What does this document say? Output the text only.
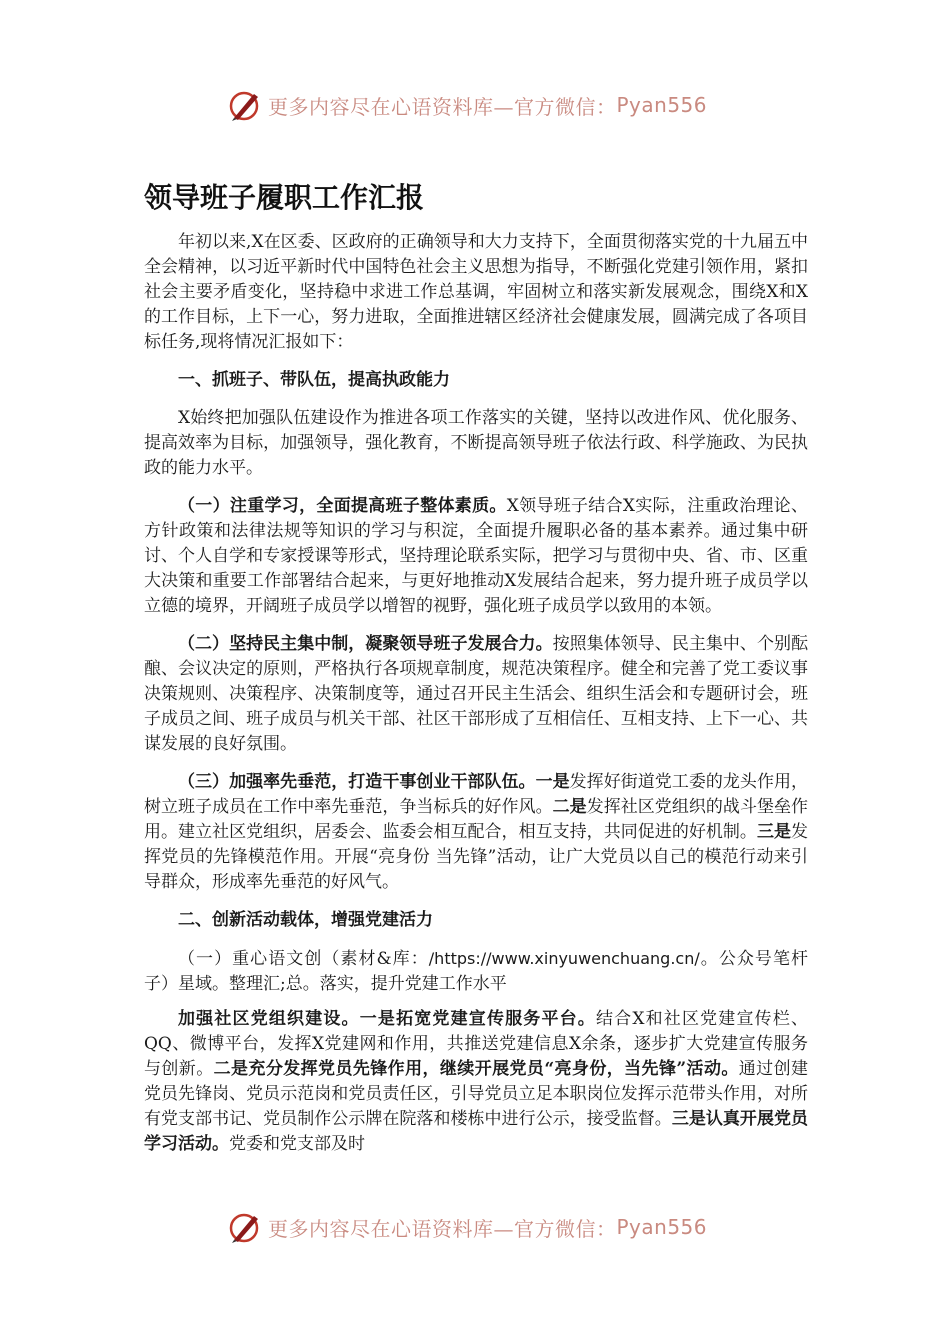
更多内容尽在心语资料库—官方微信： Pyan556
领导班子履职工作汇报

年初以来,X在区委、区政府的正确领导和大力支持下，全面贯彻落实党的十九届五中全会精神，以习近平新时代中国特色社会主义思想为指导，不断强化党建引领作用，紧扣社会主要矛盾变化，坚持稳中求进工作总基调，牢固树立和落实新发展观念，围绕X和X的工作目标，上下一心，努力进取，全面推进辖区经济社会健康发展，圆满完成了各项目标任务,现将情况汇报如下：

一、抓班子、带队伍，提高执政能力

X始终把加强队伍建设作为推进各项工作落实的关键，坚持以改进作风、优化服务、提高效率为目标，加强领导，强化教育，不断提高领导班子依法行政、科学施政、为民执政的能力水平。

（一）注重学习，全面提高班子整体素质。X领导班子结合X实际，注重政治理论、方针政策和法律法规等知识的学习与积淀，全面提升履职必备的基本素养。通过集中研讨、个人自学和专家授课等形式，坚持理论联系实际，把学习与贯彻中央、省、市、区重大决策和重要工作部署结合起来，与更好地推动X发展结合起来，努力提升班子成员学以立德的境界，开阔班子成员学以增智的视野，强化班子成员学以致用的本领。

（二）坚持民主集中制，凝聚领导班子发展合力。按照集体领导、民主集中、个别酝酿、会议决定的原则，严格执行各项规章制度，规范决策程序。健全和完善了党工委议事决策规则、决策程序、决策制度等，通过召开民主生活会、组织生活会和专题研讨会，班子成员之间、班子成员与机关干部、社区干部形成了互相信任、互相支持、上下一心、共谋发展的良好氛围。

（三）加强率先垂范，打造干事创业干部队伍。一是发挥好街道党工委的龙头作用，树立班子成员在工作中率先垂范，争当标兵的好作风。二是发挥社区党组织的战斗堡垒作用。建立社区党组织，居委会、监委会相互配合，相互支持，共同促进的好机制。三是发挥党员的先锋模范作用。开展“亮身份 当先锋”活动，让广大党员以自己的模范行动来引导群众，形成率先垂范的好风气。

二、创新活动载体，增强党建活力

（一）重心语文创（素材&库：/https://www.xinyuwenchuang.cn/。公众号笔杆子）星域。整理汇;总。落实，提升党建工作水平

加强社区党组织建设。一是拓宽党建宣传服务平台。结合X和社区党建宣传栏、QQ、微博平台，发挥X党建网和作用，共推送党建信息X余条，逐步扩大党建宣传服务与创新。二是充分发挥党员先锋作用，继续开展党员“亮身份，当先锋”活动。通过创建党员先锋岗、党员示范岗和党员责任区，引导党员立足本职岗位发挥示范带头作用，对所有党支部书记、党员制作公示牌在院落和楼栋中进行公示，接受监督。三是认真开展党员学习活动。党委和党支部及时

更多内容尽在心语资料库—官方微信： Pyan556
